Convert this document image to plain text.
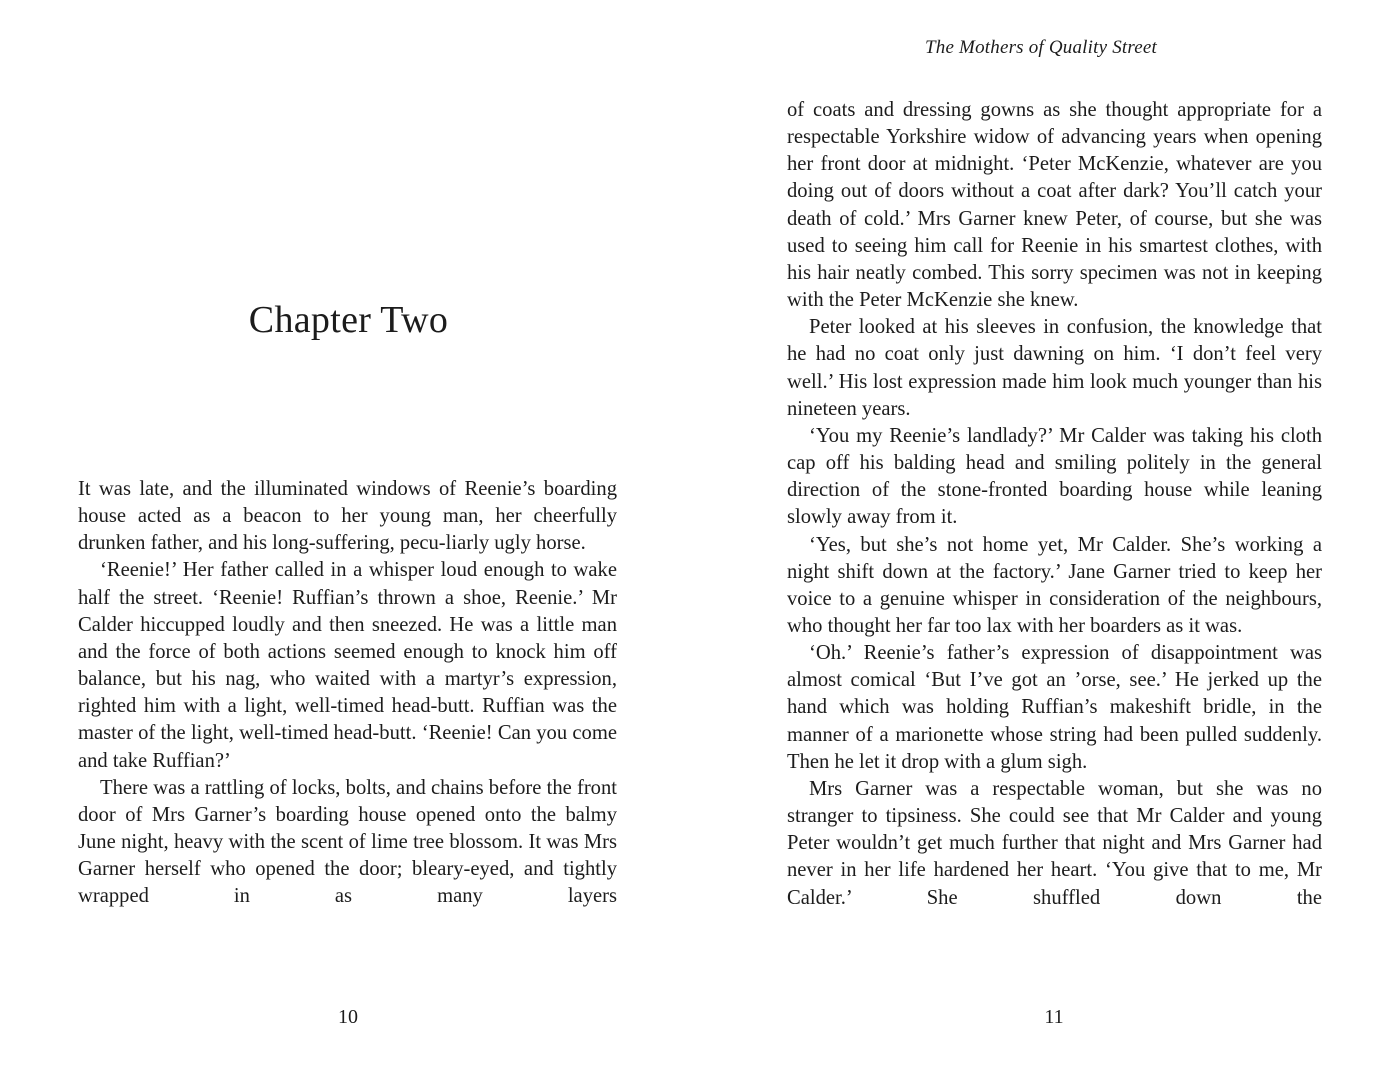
The Mothers of Quality Street
Chapter Two

It was late, and the illuminated windows of Reenie’s boarding house acted as a beacon to her young man, her cheerfully drunken father, and his long-suffering, pecu-liarly ugly horse.

‘Reenie!’ Her father called in a whisper loud enough to wake half the street. ‘Reenie! Ruffian’s thrown a shoe, Reenie.’ Mr Calder hiccupped loudly and then sneezed. He was a little man and the force of both actions seemed enough to knock him off balance, but his nag, who waited with a martyr’s expression, righted him with a light, well-timed head-butt. Ruffian was the master of the light, well-timed head-butt. ‘Reenie! Can you come and take Ruffian?’

There was a rattling of locks, bolts, and chains before the front door of Mrs Garner’s boarding house opened onto the balmy June night, heavy with the scent of lime tree blossom. It was Mrs Garner herself who opened the door; bleary-eyed, and tightly wrapped in as many layers

of coats and dressing gowns as she thought appropriate for a respectable Yorkshire widow of advancing years when opening her front door at midnight. ‘Peter McKenzie, whatever are you doing out of doors without a coat after dark? You’ll catch your death of cold.’ Mrs Garner knew Peter, of course, but she was used to seeing him call for Reenie in his smartest clothes, with his hair neatly combed. This sorry specimen was not in keeping with the Peter McKenzie she knew.

Peter looked at his sleeves in confusion, the knowledge that he had no coat only just dawning on him. ‘I don’t feel very well.’ His lost expression made him look much younger than his nineteen years.

‘You my Reenie’s landlady?’ Mr Calder was taking his cloth cap off his balding head and smiling politely in the general direction of the stone-fronted boarding house while leaning slowly away from it.

‘Yes, but she’s not home yet, Mr Calder. She’s working a night shift down at the factory.’ Jane Garner tried to keep her voice to a genuine whisper in consideration of the neighbours, who thought her far too lax with her boarders as it was.

‘Oh.’ Reenie’s father’s expression of disappointment was almost comical ‘But I’ve got an ’orse, see.’ He jerked up the hand which was holding Ruffian’s makeshift bridle, in the manner of a marionette whose string had been pulled suddenly. Then he let it drop with a glum sigh.

Mrs Garner was a respectable woman, but she was no stranger to tipsiness. She could see that Mr Calder and young Peter wouldn’t get much further that night and Mrs Garner had never in her life hardened her heart. ‘You give that to me, Mr Calder.’ She shuffled down the

10	11
